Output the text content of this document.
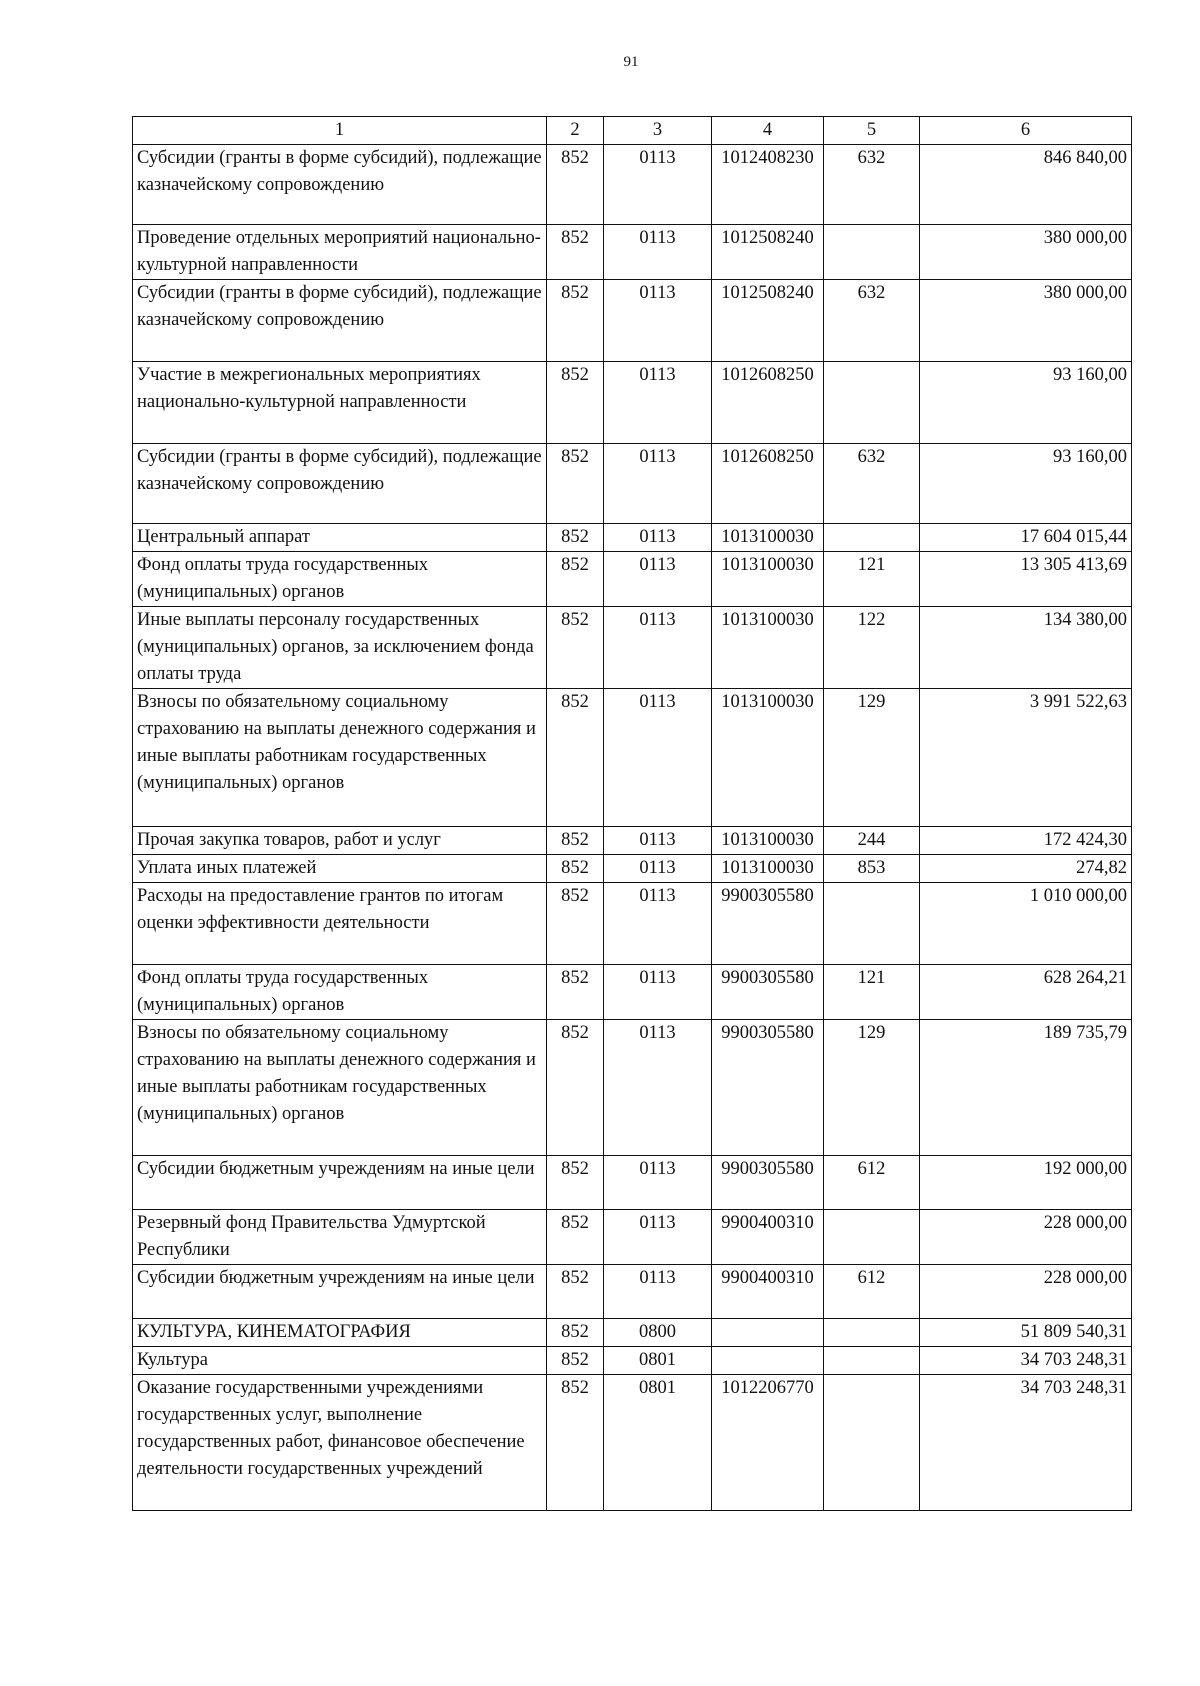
91
1	2	3	4	5	6
Субсидии (гранты в форме субсидий), подлежащие казначейскому сопровождению	852	0113	1012408230	632	846 840,00
Проведение отдельных мероприятий национально-культурной направленности	852	0113	1012508240		380 000,00
Субсидии (гранты в форме субсидий), подлежащие казначейскому сопровождению	852	0113	1012508240	632	380 000,00
Участие в межрегиональных мероприятиях национально-культурной направленности	852	0113	1012608250		93 160,00
Субсидии (гранты в форме субсидий), подлежащие казначейскому сопровождению	852	0113	1012608250	632	93 160,00
Центральный аппарат	852	0113	1013100030		17 604 015,44
Фонд оплаты труда государственных (муниципальных) органов	852	0113	1013100030	121	13 305 413,69
Иные выплаты персоналу государственных (муниципальных) органов, за исключением фонда оплаты труда	852	0113	1013100030	122	134 380,00
Взносы по обязательному социальному страхованию на выплаты денежного содержания и иные выплаты работникам государственных (муниципальных) органов	852	0113	1013100030	129	3 991 522,63
Прочая закупка товаров, работ и услуг	852	0113	1013100030	244	172 424,30
Уплата иных платежей	852	0113	1013100030	853	274,82
Расходы на предоставление грантов по итогам оценки эффективности деятельности	852	0113	9900305580		1 010 000,00
Фонд оплаты труда государственных (муниципальных) органов	852	0113	9900305580	121	628 264,21
Взносы по обязательному социальному страхованию на выплаты денежного содержания и иные выплаты работникам государственных (муниципальных) органов	852	0113	9900305580	129	189 735,79
Субсидии бюджетным учреждениям на иные цели	852	0113	9900305580	612	192 000,00
Резервный фонд Правительства Удмуртской Республики	852	0113	9900400310		228 000,00
Субсидии бюджетным учреждениям на иные цели	852	0113	9900400310	612	228 000,00
КУЛЬТУРА, КИНЕМАТОГРАФИЯ	852	0800			51 809 540,31
Культура	852	0801			34 703 248,31
Оказание государственными учреждениями государственных услуг, выполнение государственных работ, финансовое обеспечение деятельности государственных учреждений	852	0801	1012206770		34 703 248,31
